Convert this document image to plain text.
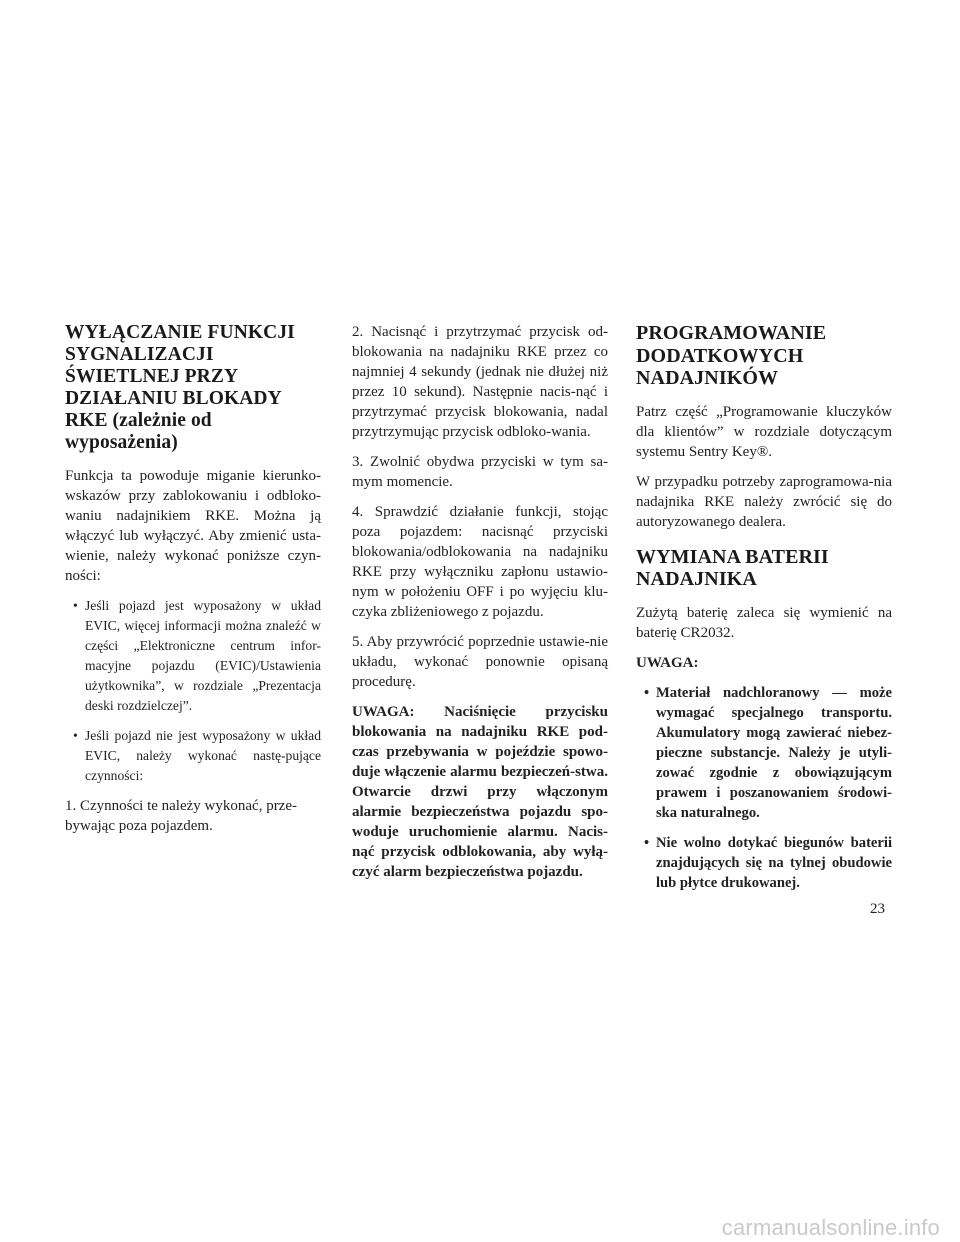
WYŁĄCZANIE FUNKCJI
SYGNALIZACJI
ŚWIETLNEJ PRZY
DZIAŁANIU BLOKADY
RKE (zależnie od wyposażenia)

Funkcja ta powoduje miganie kierunko-wskazów przy zablokowaniu i odbloko-waniu nadajnikiem RKE. Można ją włączyć lub wyłączyć. Aby zmienić usta-wienie, należy wykonać poniższe czyn-ności:

• Jeśli pojazd jest wyposażony w układ EVIC, więcej informacji można znaleźć w części „Elektroniczne centrum infor-macyjne pojazdu (EVIC)/Ustawienia użytkownika”, w rozdziale „Prezentacja deski rozdzielczej”.
• Jeśli pojazd nie jest wyposażony w układ EVIC, należy wykonać nastę-pujące czynności:

1. Czynności te należy wykonać, prze-bywając poza pojazdem.

2. Nacisnąć i przytrzymać przycisk od-blokowania na nadajniku RKE przez co najmniej 4 sekundy (jednak nie dłużej niż przez 10 sekund). Następnie nacis-nąć i przytrzymać przycisk blokowania, nadal przytrzymując przycisk odbloko-wania.

3. Zwolnić obydwa przyciski w tym sa-mym momencie.

4. Sprawdzić działanie funkcji, stojąc poza pojazdem: nacisnąć przyciski blokowania/odblokowania na nadajniku RKE przy wyłączniku zapłonu ustawio-nym w położeniu OFF i po wyjęciu klu-czyka zbliżeniowego z pojazdu.

5. Aby przywrócić poprzednie ustawie-nie układu, wykonać ponownie opisaną procedurę.

UWAGA: Naciśnięcie przycisku blokowania na nadajniku RKE pod-czas przebywania w pojeździe spowo-duje włączenie alarmu bezpieczeń-stwa. Otwarcie drzwi przy włączonym alarmie bezpieczeństwa pojazdu spo-woduje uruchomienie alarmu. Nacis-nąć przycisk odblokowania, aby wyłą-czyć alarm bezpieczeństwa pojazdu.

PROGRAMOWANIE
DODATKOWYCH
NADAJNIKÓW

Patrz część „Programowanie kluczyków dla klientów” w rozdziale dotyczącym systemu Sentry Key®.

W przypadku potrzeby zaprogramowa-nia nadajnika RKE należy zwrócić się do autoryzowanego dealera.

WYMIANA BATERII
NADAJNIKA

Zużytą baterię zaleca się wymienić na baterię CR2032.

UWAGA:

• Materiał nadchloranowy — może wymagać specjalnego transportu. Akumulatory mogą zawierać niebez-pieczne substancje. Należy je utyli-zować zgodnie z obowiązującym prawem i poszanowaniem środowi-ska naturalnego.
• Nie wolno dotykać biegunów baterii znajdujących się na tylnej obudowie lub płytce drukowanej.
23
carmanualsonline.info
